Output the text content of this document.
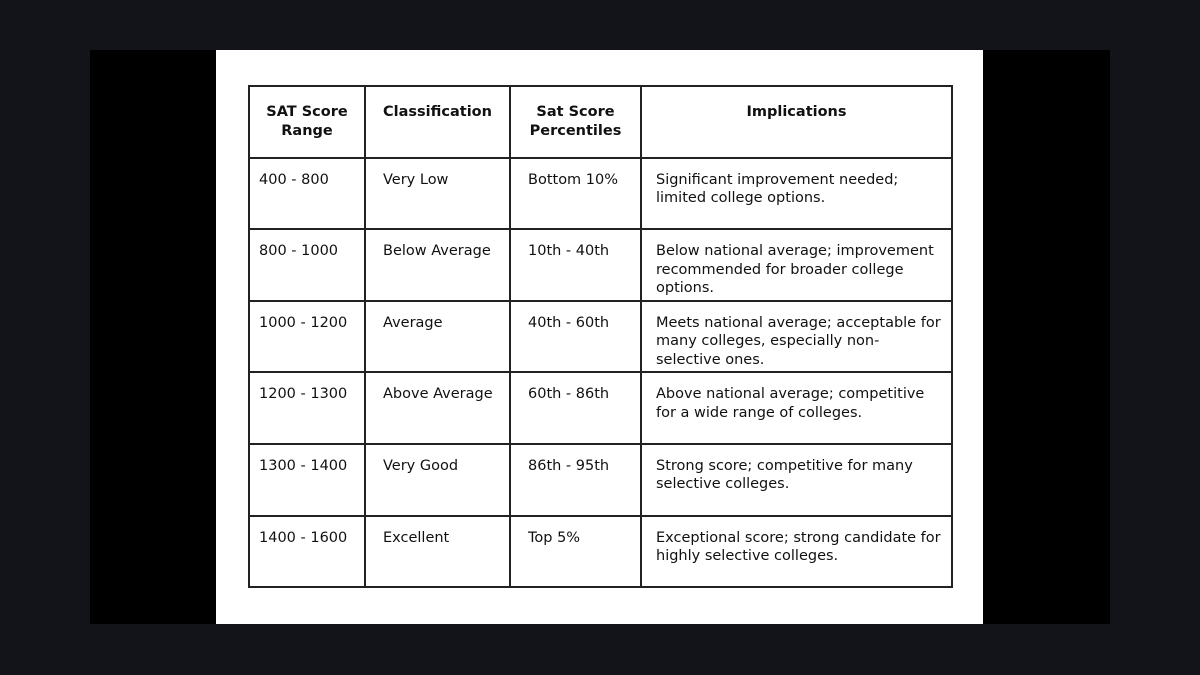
SAT Score Range	Classification	Sat Score Percentiles	Implications
400 - 800	Very Low	Bottom 10%	Significant improvement needed; limited college options.
800 - 1000	Below Average	10th - 40th	Below national average; improvement recommended for broader college options.
1000 - 1200	Average	40th - 60th	Meets national average; acceptable for many colleges, especially non-selective ones.
1200 - 1300	Above Average	60th - 86th	Above national average; competitive for a wide range of colleges.
1300 - 1400	Very Good	86th - 95th	Strong score; competitive for many selective colleges.
1400 - 1600	Excellent	Top 5%	Exceptional score; strong candidate for highly selective colleges.
